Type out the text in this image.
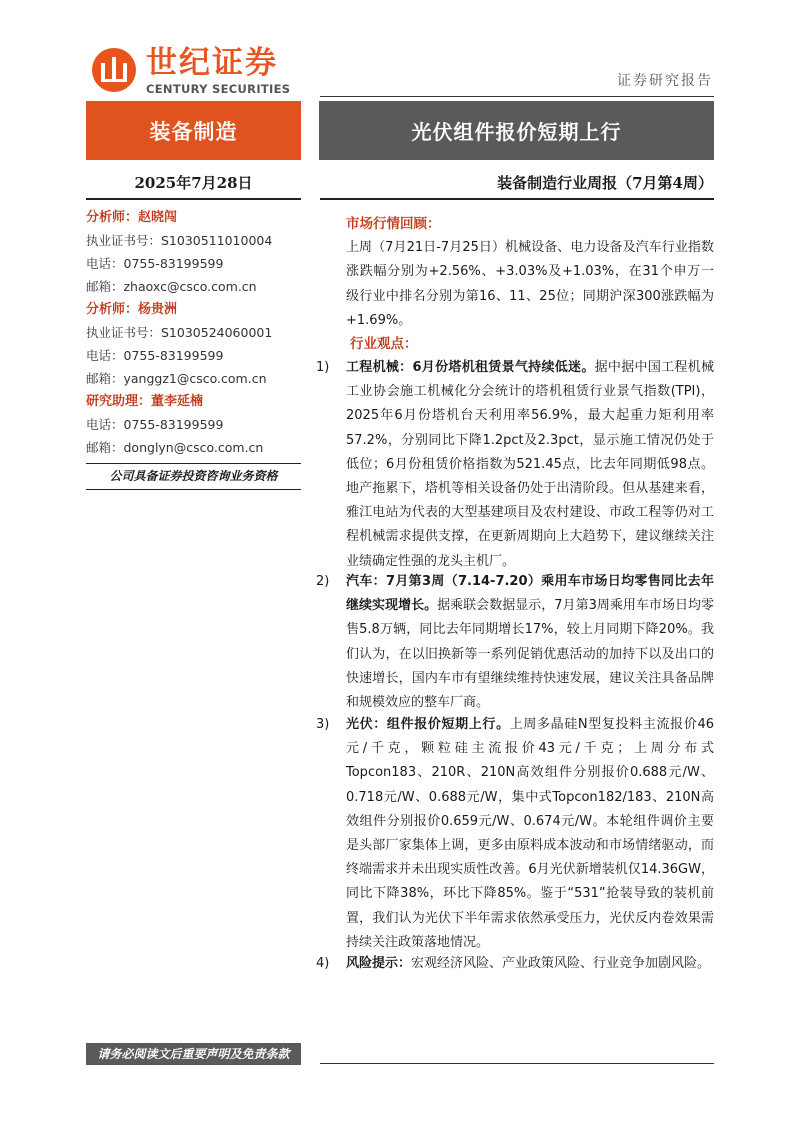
世纪证券
CENTURY SECURITIES	证券研究报告
装备制造	光伏组件报价短期上行
2025年7月28日	装备制造行业周报（7月第4周）
分析师：赵晓闯
执业证书号：S1030511010004
电话：0755-83199599
邮箱：zhaoxc@csco.com.cn
分析师：杨贵洲
执业证书号：S1030524060001
电话：0755-83199599
邮箱：yanggz1@csco.com.cn
研究助理：董李延楠
电话：0755-83199599
邮箱：donglyn@csco.com.cn
公司具备证券投资咨询业务资格
市场行情回顾：
上周（7月21日-7月25日）机械设备、电力设备及汽车行业指数涨跌幅分别为+2.56%、+3.03%及+1.03%，在31个申万一级行业中排名分别为第16、11、25位；同期沪深300涨跌幅为+1.69%。
行业观点：
1)	工程机械：6月份塔机租赁景气持续低迷。据中据中国工程机械工业协会施工机械化分会统计的塔机租赁行业景气指数(TPI)，2025年6月份塔机台天利用率56.9%，最大起重力矩利用率57.2%，分别同比下降1.2pct及2.3pct，显示施工情况仍处于低位；6月份租赁价格指数为521.45点，比去年同期低98点。地产拖累下，塔机等相关设备仍处于出清阶段。但从基建来看，雅江电站为代表的大型基建项目及农村建设、市政工程等仍对工程机械需求提供支撑，在更新周期向上大趋势下，建议继续关注业绩确定性强的龙头主机厂。
2)	汽车：7月第3周（7.14-7.20）乘用车市场日均零售同比去年继续实现增长。据乘联会数据显示，7月第3周乘用车市场日均零售5.8万辆，同比去年同期增长17%，较上月同期下降20%。我们认为，在以旧换新等一系列促销优惠活动的加持下以及出口的快速增长，国内车市有望继续维持快速发展，建议关注具备品牌和规模效应的整车厂商。
3)	光伏：组件报价短期上行。上周多晶硅N型复投料主流报价46元/千克，颗粒硅主流报价43元/千克；上周分布式Topcon183、210R、210N高效组件分别报价0.688元/W、0.718元/W、0.688元/W，集中式Topcon182/183、210N高效组件分别报价0.659元/W、0.674元/W。本轮组件调价主要是头部厂家集体上调，更多由原料成本波动和市场情绪驱动，而终端需求并未出现实质性改善。6月光伏新增装机仅14.36GW，同比下降38%，环比下降85%。鉴于“531”抢装导致的装机前置，我们认为光伏下半年需求依然承受压力，光伏反内卷效果需持续关注政策落地情况。
4)	风险提示：宏观经济风险、产业政策风险、行业竞争加剧风险。
请务必阅读文后重要声明及免责条款
